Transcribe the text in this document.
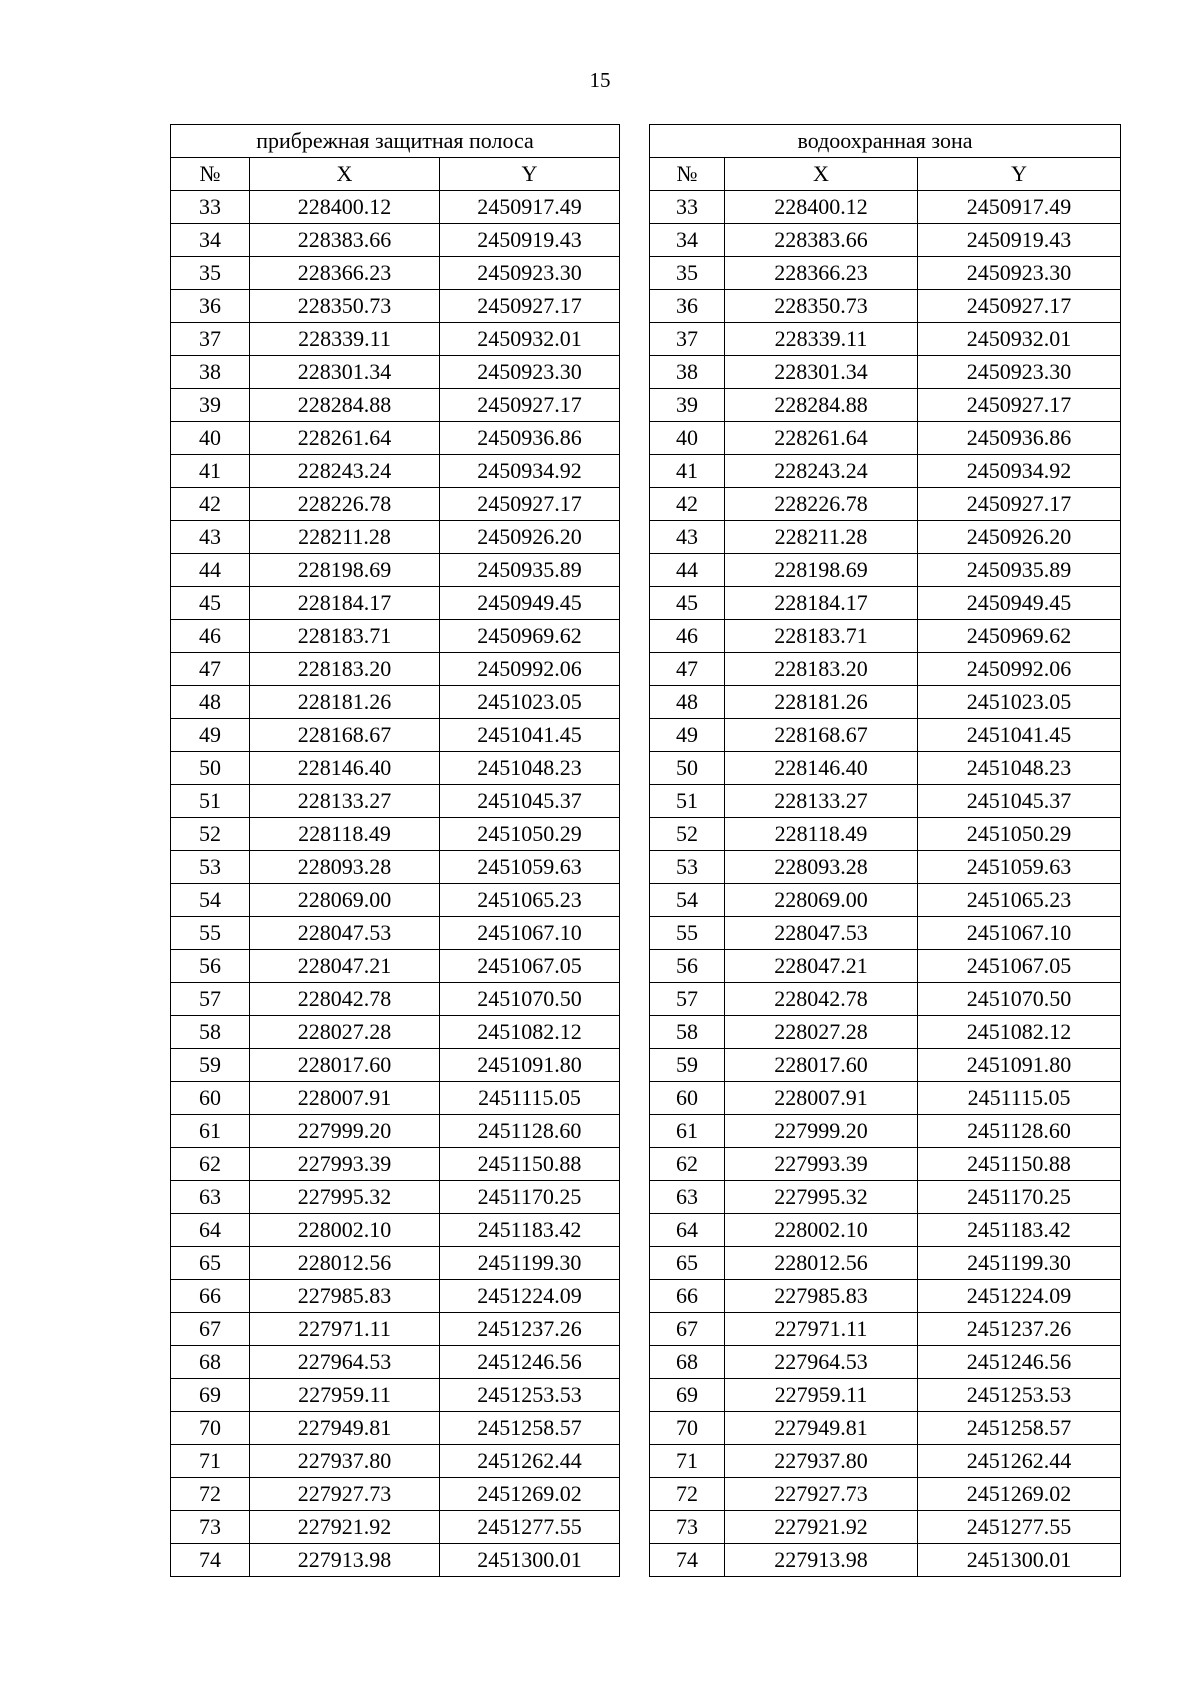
15
прибрежная защитная полоса		
№	X	Y
33	228400.12	2450917.49
34	228383.66	2450919.43
35	228366.23	2450923.30
36	228350.73	2450927.17
37	228339.11	2450932.01
38	228301.34	2450923.30
39	228284.88	2450927.17
40	228261.64	2450936.86
41	228243.24	2450934.92
42	228226.78	2450927.17
43	228211.28	2450926.20
44	228198.69	2450935.89
45	228184.17	2450949.45
46	228183.71	2450969.62
47	228183.20	2450992.06
48	228181.26	2451023.05
49	228168.67	2451041.45
50	228146.40	2451048.23
51	228133.27	2451045.37
52	228118.49	2451050.29
53	228093.28	2451059.63
54	228069.00	2451065.23
55	228047.53	2451067.10
56	228047.21	2451067.05
57	228042.78	2451070.50
58	228027.28	2451082.12
59	228017.60	2451091.80
60	228007.91	2451115.05
61	227999.20	2451128.60
62	227993.39	2451150.88
63	227995.32	2451170.25
64	228002.10	2451183.42
65	228012.56	2451199.30
66	227985.83	2451224.09
67	227971.11	2451237.26
68	227964.53	2451246.56
69	227959.11	2451253.53
70	227949.81	2451258.57
71	227937.80	2451262.44
72	227927.73	2451269.02
73	227921.92	2451277.55
74	227913.98	2451300.01
водоохранная зона		
№	X	Y
33	228400.12	2450917.49
34	228383.66	2450919.43
35	228366.23	2450923.30
36	228350.73	2450927.17
37	228339.11	2450932.01
38	228301.34	2450923.30
39	228284.88	2450927.17
40	228261.64	2450936.86
41	228243.24	2450934.92
42	228226.78	2450927.17
43	228211.28	2450926.20
44	228198.69	2450935.89
45	228184.17	2450949.45
46	228183.71	2450969.62
47	228183.20	2450992.06
48	228181.26	2451023.05
49	228168.67	2451041.45
50	228146.40	2451048.23
51	228133.27	2451045.37
52	228118.49	2451050.29
53	228093.28	2451059.63
54	228069.00	2451065.23
55	228047.53	2451067.10
56	228047.21	2451067.05
57	228042.78	2451070.50
58	228027.28	2451082.12
59	228017.60	2451091.80
60	228007.91	2451115.05
61	227999.20	2451128.60
62	227993.39	2451150.88
63	227995.32	2451170.25
64	228002.10	2451183.42
65	228012.56	2451199.30
66	227985.83	2451224.09
67	227971.11	2451237.26
68	227964.53	2451246.56
69	227959.11	2451253.53
70	227949.81	2451258.57
71	227937.80	2451262.44
72	227927.73	2451269.02
73	227921.92	2451277.55
74	227913.98	2451300.01
